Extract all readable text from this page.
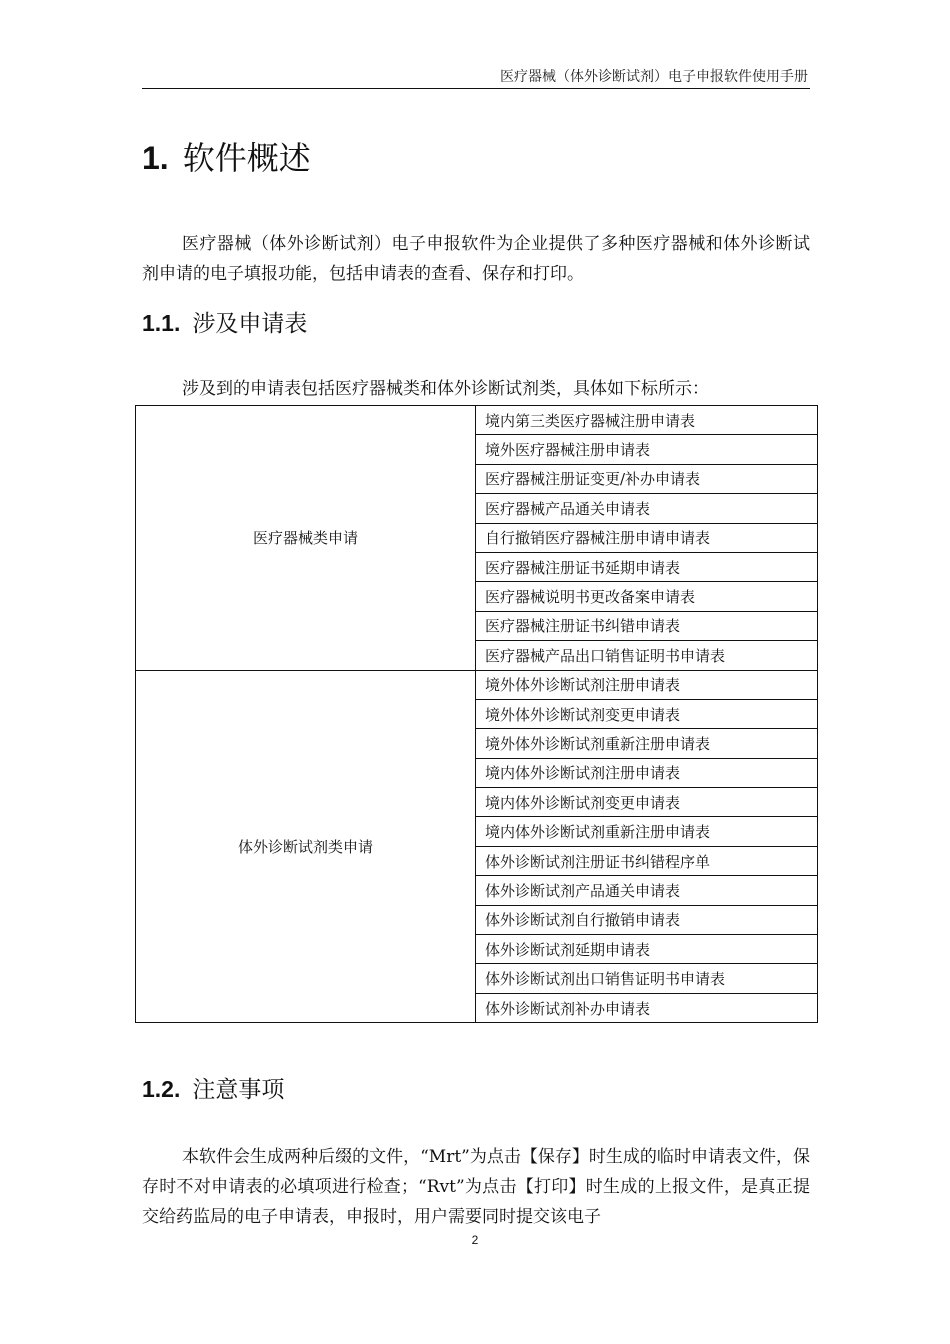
医疗器械（体外诊断试剂）电子申报软件使用手册
1. 软件概述
医疗器械（体外诊断试剂）电子申报软件为企业提供了多种医疗器械和体外诊断试剂申请的电子填报功能，包括申请表的查看、保存和打印。
1.1. 涉及申请表
涉及到的申请表包括医疗器械类和体外诊断试剂类，具体如下标所示：
医疗器械类申请	境内第三类医疗器械注册申请表
	境外医疗器械注册申请表
	医疗器械注册证变更/补办申请表
	医疗器械产品通关申请表
	自行撤销医疗器械注册申请申请表
	医疗器械注册证书延期申请表
	医疗器械说明书更改备案申请表
	医疗器械注册证书纠错申请表
	医疗器械产品出口销售证明书申请表
体外诊断试剂类申请	境外体外诊断试剂注册申请表
	境外体外诊断试剂变更申请表
	境外体外诊断试剂重新注册申请表
	境内体外诊断试剂注册申请表
	境内体外诊断试剂变更申请表
	境内体外诊断试剂重新注册申请表
	体外诊断试剂注册证书纠错程序单
	体外诊断试剂产品通关申请表
	体外诊断试剂自行撤销申请表
	体外诊断试剂延期申请表
	体外诊断试剂出口销售证明书申请表
	体外诊断试剂补办申请表
1.2. 注意事项
本软件会生成两种后缀的文件，“Mrt”为点击【保存】时生成的临时申请表文件，保存时不对申请表的必填项进行检查；“Rvt”为点击【打印】时生成的上报文件，是真正提交给药监局的电子申请表，申报时，用户需要同时提交该电子
2
